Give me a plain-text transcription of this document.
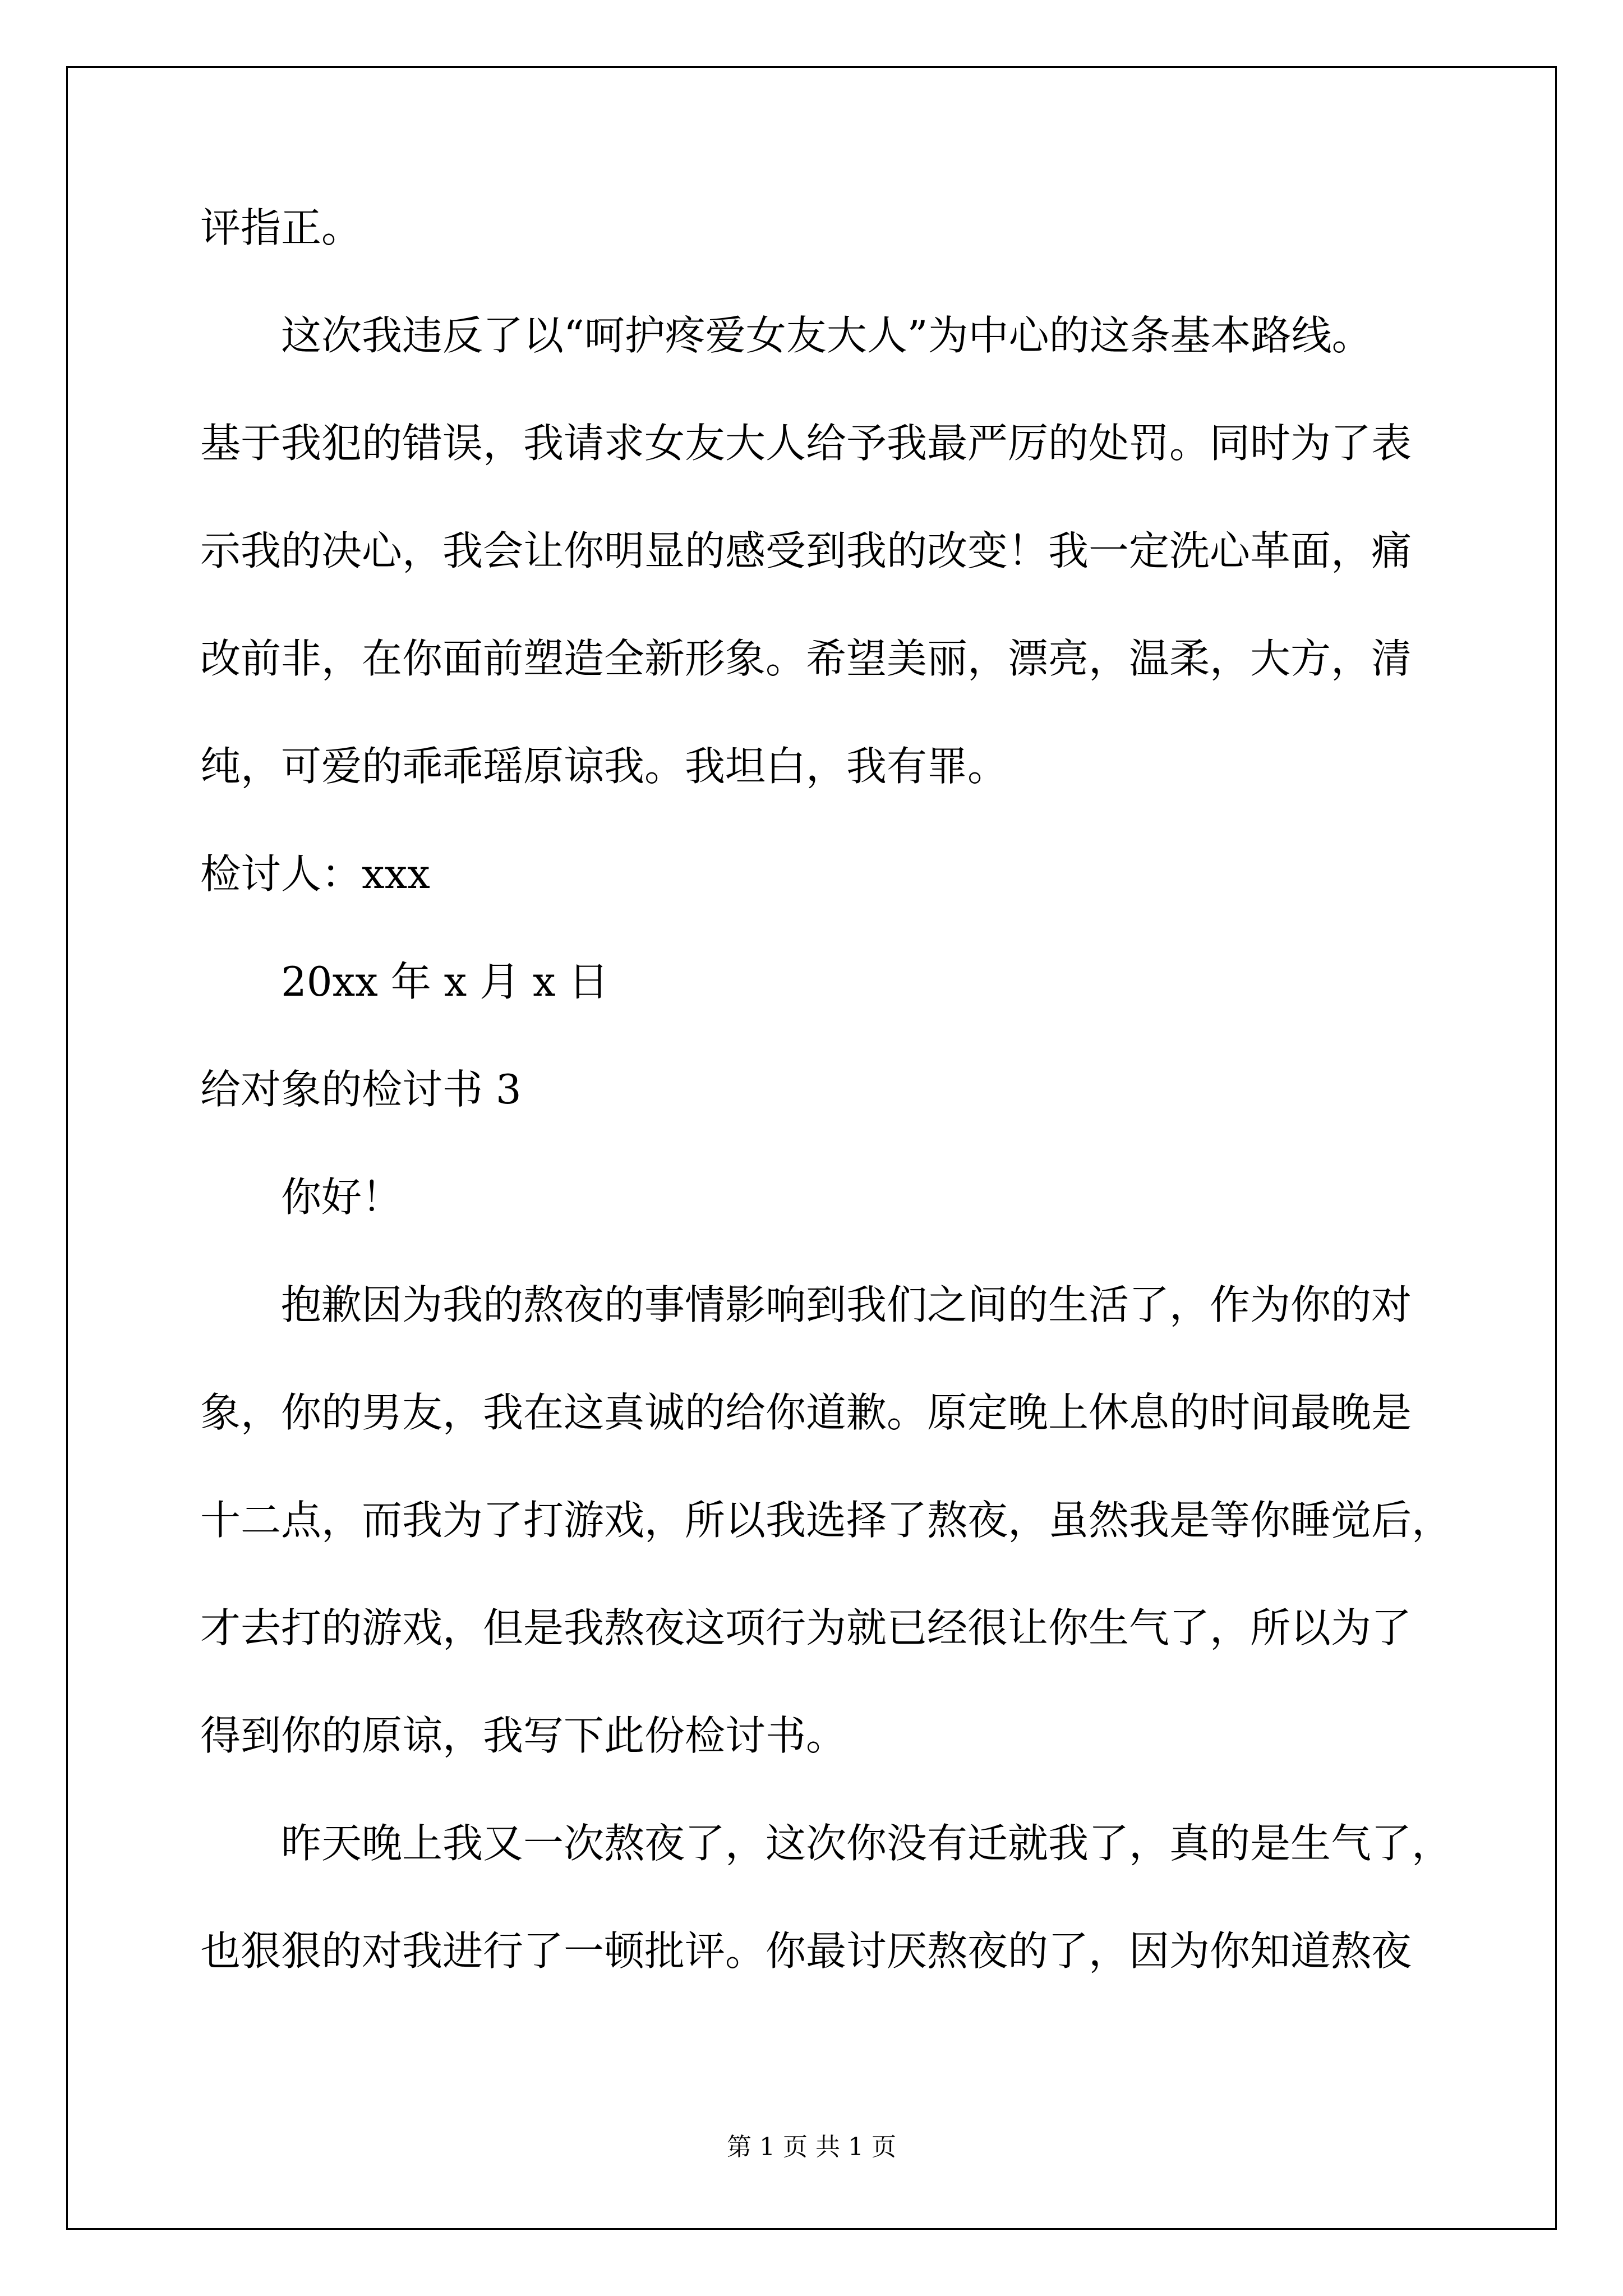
评指正。
这次我违反了以“呵护疼爱女友大人”为中心的这条基本路线。
基于我犯的错误，我请求女友大人给予我最严厉的处罚。同时为了表
示我的决心，我会让你明显的感受到我的改变！我一定洗心革面，痛
改前非，在你面前塑造全新形象。希望美丽，漂亮，温柔，大方，清
纯，可爱的乖乖瑶原谅我。我坦白，我有罪。
检讨人：xxx
20xx 年 x 月 x 日
给对象的检讨书 3
你好！
抱歉因为我的熬夜的事情影响到我们之间的生活了，作为你的对
象，你的男友，我在这真诚的给你道歉。原定晚上休息的时间最晚是
十二点，而我为了打游戏，所以我选择了熬夜，虽然我是等你睡觉后，
才去打的游戏，但是我熬夜这项行为就已经很让你生气了，所以为了
得到你的原谅，我写下此份检讨书。
昨天晚上我又一次熬夜了，这次你没有迁就我了，真的是生气了，
也狠狠的对我进行了一顿批评。你最讨厌熬夜的了，因为你知道熬夜
第 1 页 共 1 页
